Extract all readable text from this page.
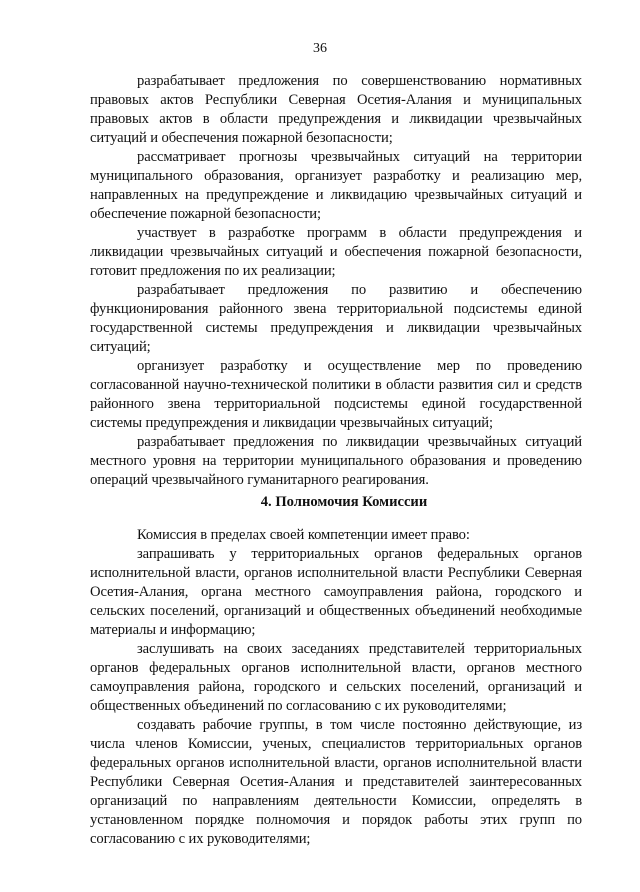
36

разрабатывает предложения по совершенствованию нормативных правовых актов Республики Северная Осетия-Алания и муниципальных правовых актов в области предупреждения и ликвидации чрезвычайных ситуаций и обеспечения пожарной безопасности;

рассматривает прогнозы чрезвычайных ситуаций на территории муниципального образования, организует разработку и реализацию мер, направленных на предупреждение и ликвидацию чрезвычайных ситуаций и обеспечение пожарной безопасности;

участвует в разработке программ в области предупреждения и ликвидации чрезвычайных ситуаций и обеспечения пожарной безопасности, готовит предложения по их реализации;

разрабатывает предложения по развитию и обеспечению функционирования районного звена территориальной подсистемы единой государственной системы предупреждения и ликвидации чрезвычайных ситуаций;

организует разработку и осуществление мер по проведению согласованной научно-технической политики в области развития сил и средств районного звена территориальной подсистемы единой государственной системы предупреждения и ликвидации чрезвычайных ситуаций;

разрабатывает предложения по ликвидации чрезвычайных ситуаций местного уровня на территории муниципального образования и проведению операций чрезвычайного гуманитарного реагирования.

4. Полномочия Комиссии

Комиссия в пределах своей компетенции имеет право:

запрашивать у территориальных органов федеральных органов исполнительной власти, органов исполнительной власти Республики Северная Осетия-Алания, органа местного самоуправления района, городского и сельских поселений, организаций и общественных объединений необходимые материалы и информацию;

заслушивать на своих заседаниях представителей территориальных органов федеральных органов исполнительной власти, органов местного самоуправления района, городского и сельских поселений, организаций и общественных объединений по согласованию с их руководителями;

создавать рабочие группы, в том числе постоянно действующие, из числа членов Комиссии, ученых, специалистов территориальных органов федеральных органов исполнительной власти, органов исполнительной власти Республики Северная Осетия-Алания и представителей заинтересованных организаций по направлениям деятельности Комиссии, определять в установленном порядке полномочия и порядок работы этих групп по согласованию с их руководителями;
